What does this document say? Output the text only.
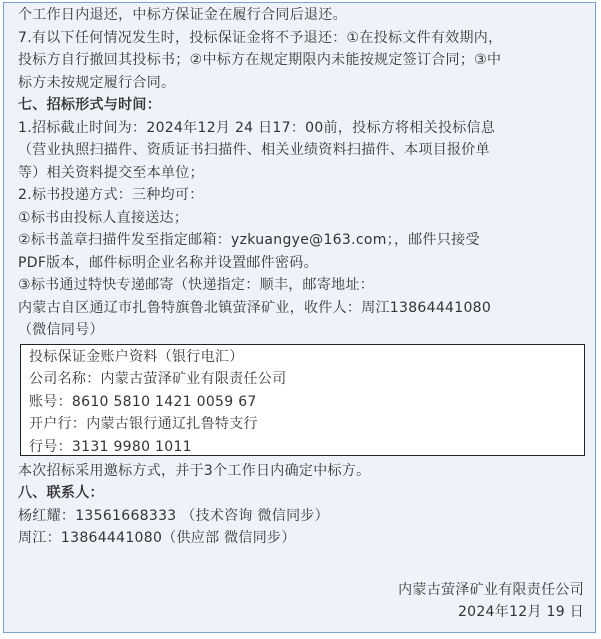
个工作日内退还，中标方保证金在履行合同后退还。
7.有以下任何情况发生时，投标保证金将不予退还：①在投标文件有效期内，
投标方自行撤回其投标书；②中标方在规定期限内未能按规定签订合同；③中
标方未按规定履行合同。
七、招标形式与时间：
1.招标截止时间为：2024年12月 24 日17：00前，投标方将相关投标信息
（营业执照扫描件、资质证书扫描件、相关业绩资料扫描件、本项目报价单
等）相关资料提交至本单位；
2.标书投递方式：三种均可：
①标书由投标人直接送达；
②标书盖章扫描件发至指定邮箱：yzkuangye@163.com；，邮件只接受
PDF版本，邮件标明企业名称并设置邮件密码。
③标书通过特快专递邮寄（快递指定：顺丰，邮寄地址：
内蒙古自区通辽市扎鲁特旗鲁北镇萤泽矿业，收件人：周江13864441080
（微信同号）
投标保证金账户资料（银行电汇）
公司名称：内蒙古萤泽矿业有限责任公司
账号：8610 5810 1421 0059 67
开户行：内蒙古银行通辽扎鲁特支行
行号：3131 9980 1011
本次招标采用邀标方式，并于3个工作日内确定中标方。
八、联系人：
杨红耀：13561668333 （技术咨询 微信同步）
周江：13864441080（供应部 微信同步）
内蒙古萤泽矿业有限责任公司
2024年12月 19 日
